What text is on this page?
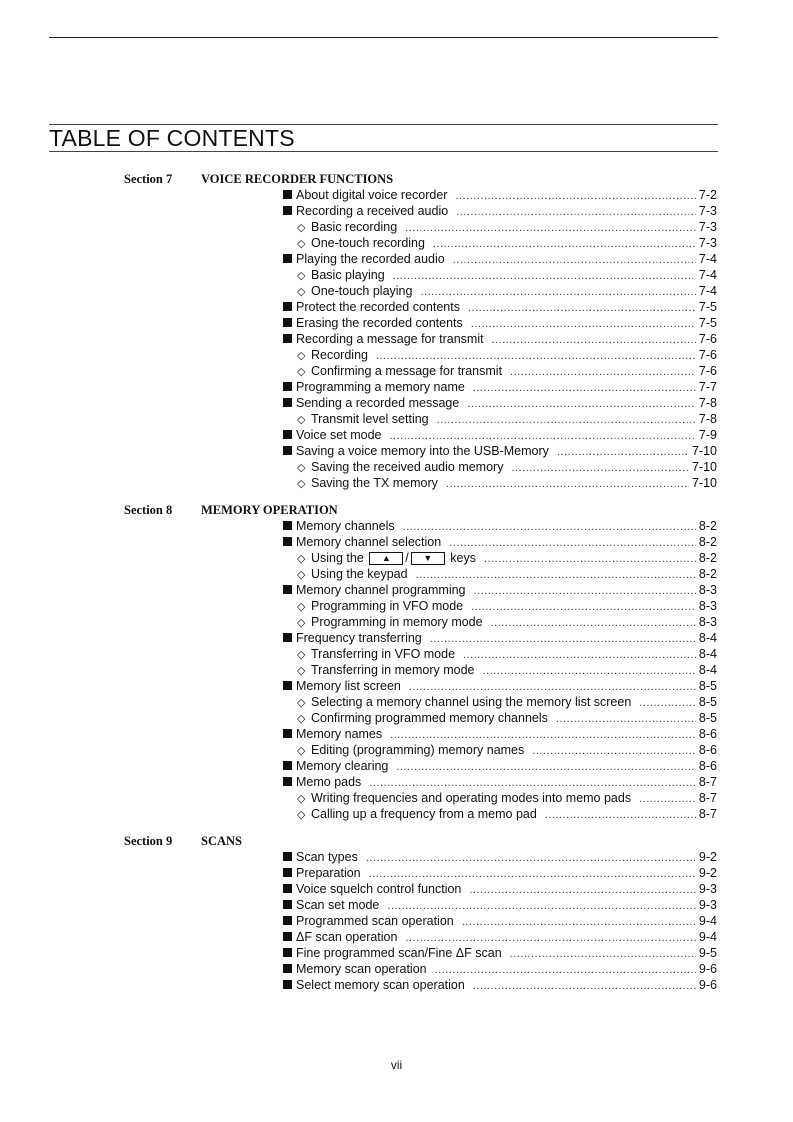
TABLE OF CONTENTS
Section 7 VOICE RECORDER FUNCTIONS
About digital voice recorder .....	7-2
Recording a received audio .....	7-3
◇ Basic recording .....	7-3
◇ One-touch recording .....	7-3
Playing the recorded audio .....	7-4
◇ Basic playing .....	7-4
◇ One-touch playing .....	7-4
Protect the recorded contents .....	7-5
Erasing the recorded contents .....	7-5
Recording a message for transmit .....	7-6
◇ Recording .....	7-6
◇ Confirming a message for transmit .....	7-6
Programming a memory name .....	7-7
Sending a recorded message .....	7-8
◇ Transmit level setting .....	7-8
Voice set mode .....	7-9
Saving a voice memory into the USB-Memory .....	7-10
◇ Saving the received audio memory .....	7-10
◇ Saving the TX memory .....	7-10
Section 8 MEMORY OPERATION
Memory channels .....	8-2
Memory channel selection .....	8-2
◇ Using the ▲ / ▼ keys .....	8-2
◇ Using the keypad .....	8-2
Memory channel programming .....	8-3
◇ Programming in VFO mode .....	8-3
◇ Programming in memory mode .....	8-3
Frequency transferring .....	8-4
◇ Transferring in VFO mode .....	8-4
◇ Transferring in memory mode .....	8-4
Memory list screen .....	8-5
◇ Selecting a memory channel using the memory list screen .....	8-5
◇ Confirming programmed memory channels .....	8-5
Memory names .....	8-6
◇ Editing (programming) memory names .....	8-6
Memory clearing .....	8-6
Memo pads .....	8-7
◇ Writing frequencies and operating modes into memo pads .....	8-7
◇ Calling up a frequency from a memo pad .....	8-7
Section 9 SCANS
Scan types .....	9-2
Preparation .....	9-2
Voice squelch control function .....	9-3
Scan set mode .....	9-3
Programmed scan operation .....	9-4
ΔF scan operation .....	9-4
Fine programmed scan/Fine ΔF scan .....	9-5
Memory scan operation .....	9-6
Select memory scan operation .....	9-6
vii
